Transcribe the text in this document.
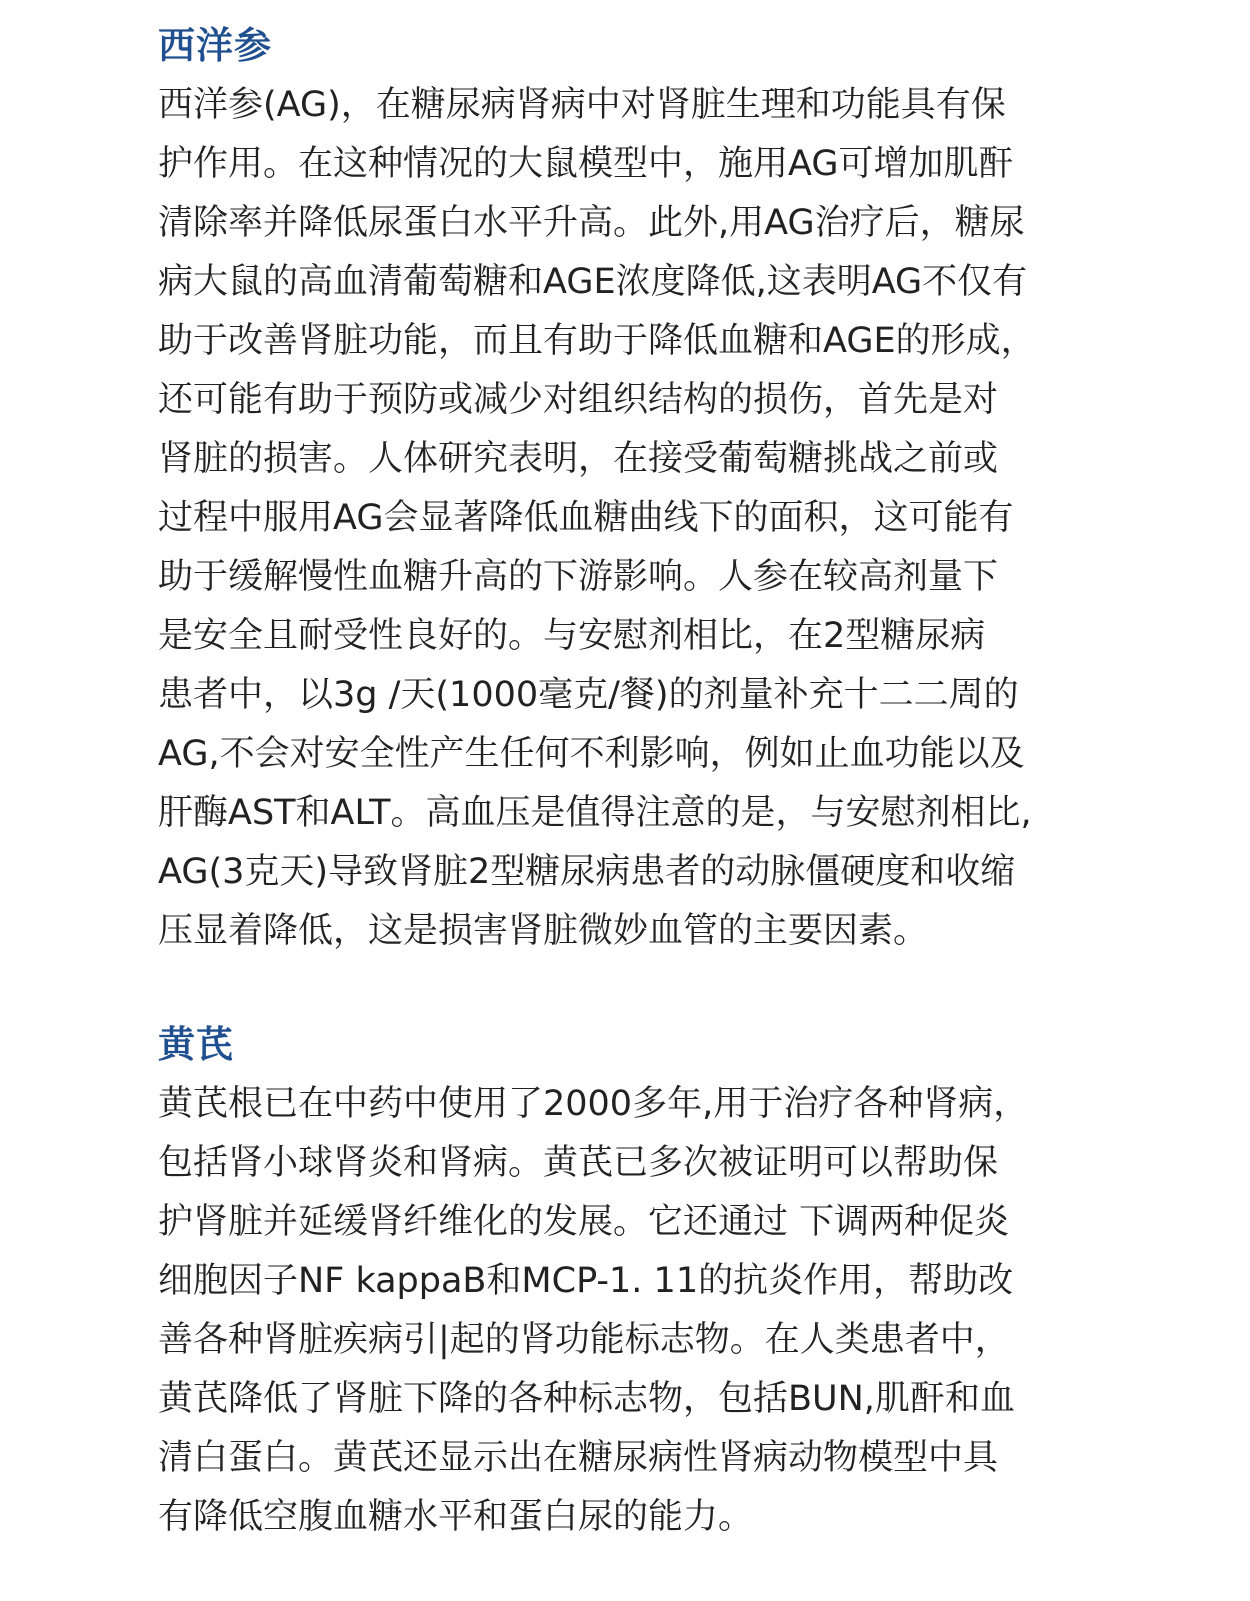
西洋参
西洋参(AG)，在糖尿病肾病中对肾脏生理和功能具有保
护作用。在这种情况的大鼠模型中，施用AG可增加肌酐
清除率并降低尿蛋白水平升高。此外,用AG治疗后，糖尿
病大鼠的高血清葡萄糖和AGE浓度降低,这表明AG不仅有
助于改善肾脏功能，而且有助于降低血糖和AGE的形成，
还可能有助于预防或减少对组织结构的损伤，首先是对
肾脏的损害。人体研究表明，在接受葡萄糖挑战之前或
过程中服用AG会显著降低血糖曲线下的面积，这可能有
助于缓解慢性血糖升高的下游影响。人参在较高剂量下
是安全且耐受性良好的。与安慰剂相比，在2型糖尿病
患者中，以3g /天(1000毫克/餐)的剂量补充十二二周的
AG,不会对安全性产生任何不利影响，例如止血功能以及
肝酶AST和ALT。高血压是值得注意的是，与安慰剂相比,
AG(3克天)导致肾脏2型糖尿病患者的动脉僵硬度和收缩
压显着降低，这是损害肾脏微妙血管的主要因素。
黄芪
黄芪根已在中药中使用了2000多年,用于治疗各种肾病，
包括肾小球肾炎和肾病。黄芪已多次被证明可以帮助保
护肾脏并延缓肾纤维化的发展。它还通过 下调两种促炎
细胞因子NF kappaB和MCP-1. 11的抗炎作用，帮助改
善各种肾脏疾病引|起的肾功能标志物。在人类患者中，
黄芪降低了肾脏下降的各种标志物，包括BUN,肌酐和血
清白蛋白。黄芪还显示出在糖尿病性肾病动物模型中具
有降低空腹血糖水平和蛋白尿的能力。
